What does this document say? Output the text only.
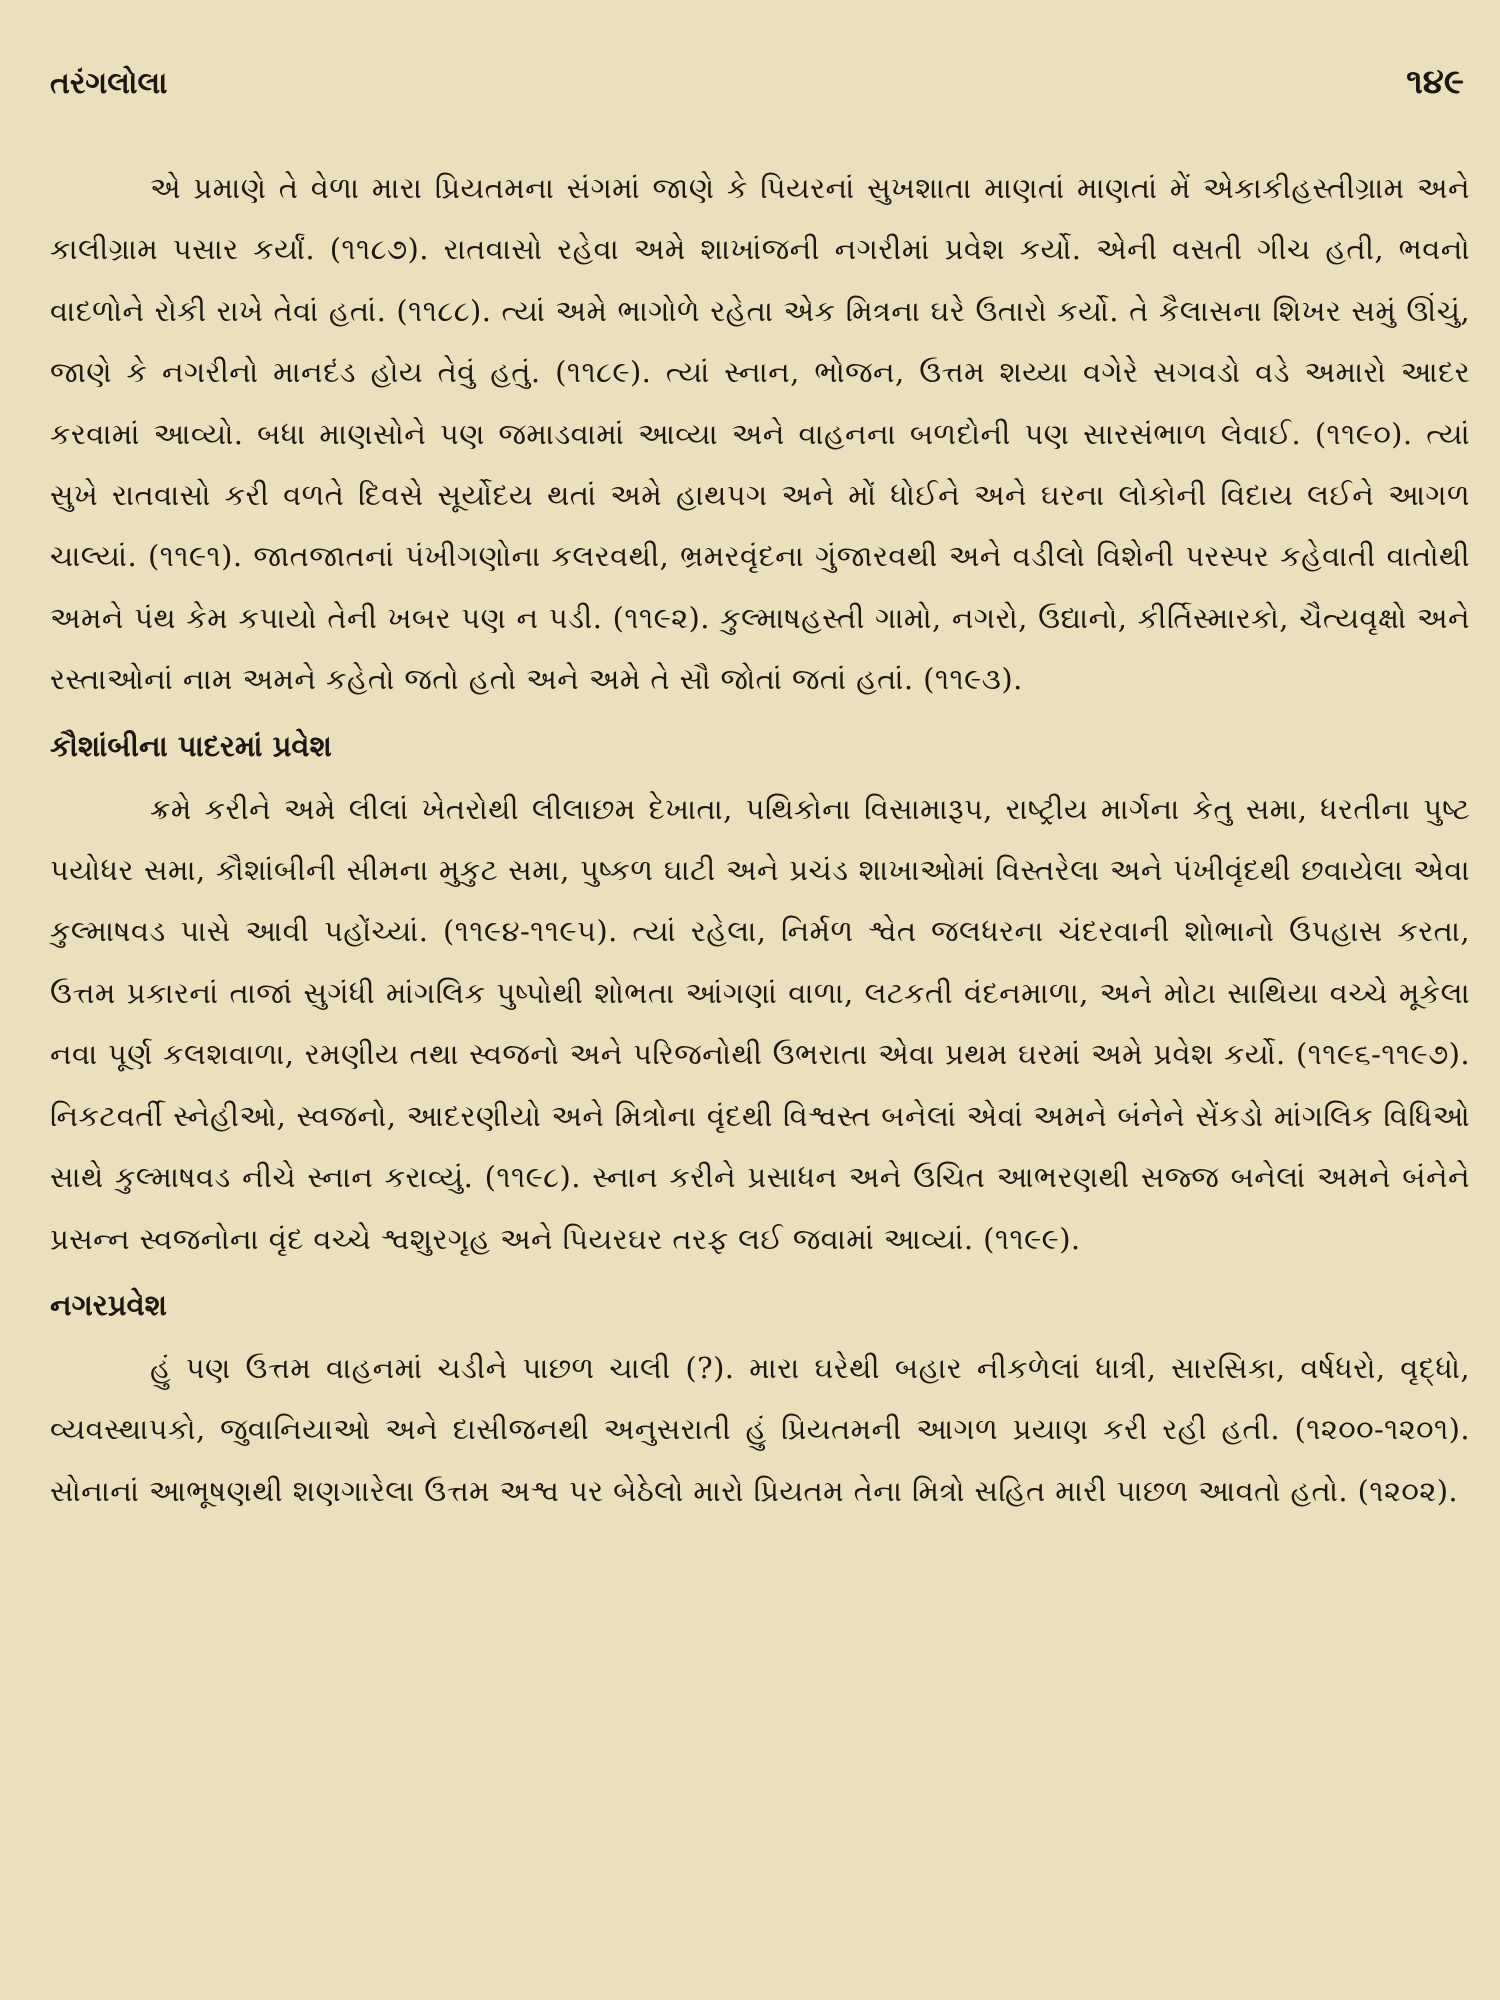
તરંગલોલા	૧૪૯

એ પ્રમાણે તે વેળા મારા પ્રિયતમના સંગમાં જાણે કે પિયરનાં સુખશાતા માણતાં માણતાં મેં એકાકીહસ્તીગ્રામ અને કાલીગ્રામ પસાર કર્યાં. (૧૧૮૭). રાતવાસો રહેવા અમે શાખાંજની નગરીમાં પ્રવેશ કર્યો. એની વસતી ગીચ હતી, ભવનો વાદળોને રોકી રાખે તેવાં હતાં. (૧૧૮૮). ત્યાં અમે ભાગોળે રહેતા એક મિત્રના ઘરે ઉતારો કર્યો. તે કૈલાસના શિખર સમું ઊંચું, જાણે કે નગરીનો માનદંડ હોય તેવું હતું. (૧૧૮૯). ત્યાં સ્નાન, ભોજન, ઉત્તમ શય્યા વગેરે સગવડો વડે અમારો આદર કરવામાં આવ્યો. બધા માણસોને પણ જમાડવામાં આવ્યા અને વાહનના બળદોની પણ સારસંભાળ લેવાઈ. (૧૧૯૦). ત્યાં સુખે રાતવાસો કરી વળતે દિવસે સૂર્યોદય થતાં અમે હાથપગ અને મોં ધોઈને અને ઘરના લોકોની વિદાય લઈને આગળ ચાલ્યાં. (૧૧૯૧). જાતજાતનાં પંખીગણોના કલરવથી, ભ્રમરવૃંદના ગુંજારવથી અને વડીલો વિશેની પરસ્પર કહેવાતી વાતોથી અમને પંથ કેમ કપાયો તેની ખબર પણ ન પડી. (૧૧૯૨). કુલ્માષહસ્તી ગામો, નગરો, ઉદ્યાનો, કીર્તિસ્મારકો, ચૈત્યવૃક્ષો અને રસ્તાઓનાં નામ અમને કહેતો જતો હતો અને અમે તે સૌ જોતાં જતાં હતાં. (૧૧૯૩).

કૌશાંબીના પાદરમાં પ્રવેશ

ક્રમે કરીને અમે લીલાં ખેતરોથી લીલાછમ દેખાતા, પથિકોના વિસામારૂપ, રાષ્ટ્રીય માર્ગના કેતુ સમા, ધરતીના પુષ્ટ પયોધર સમા, કૌશાંબીની સીમના મુકુટ સમા, પુષ્કળ ઘાટી અને પ્રચંડ શાખાઓમાં વિસ્તરેલા અને પંખીવૃંદથી છવાયેલા એવા કુલ્માષવડ પાસે આવી પહોંચ્યાં. (૧૧૯૪-૧૧૯૫). ત્યાં રહેલા, નિર્મળ શ્વેત જલધરના ચંદરવાની શોભાનો ઉપહાસ કરતા, ઉત્તમ પ્રકારનાં તાજાં સુગંધી માંગલિક પુષ્પોથી શોભતા આંગણાં વાળા, લટકતી વંદનમાળા, અને મોટા સાથિયા વચ્ચે મૂકેલા નવા પૂર્ણ કલશવાળા, રમણીય તથા સ્વજનો અને પરિજનોથી ઉભરાતા એવા પ્રથમ ઘરમાં અમે પ્રવેશ કર્યો. (૧૧૯૬-૧૧૯૭). નિકટવર્તી સ્નેહીઓ, સ્વજનો, આદરણીયો અને મિત્રોના વૃંદથી વિશ્વસ્ત બનેલાં એવાં અમને બંનેને સેંકડો માંગલિક વિધિઓ સાથે કુલ્માષવડ નીચે સ્નાન કરાવ્યું. (૧૧૯૮). સ્નાન કરીને પ્રસાધન અને ઉચિત આભરણથી સજ્જ બનેલાં અમને બંનેને પ્રસન્ન સ્વજનોના વૃંદ વચ્ચે શ્વશુરગૃહ અને પિયરઘર તરફ લઈ જવામાં આવ્યાં. (૧૧૯૯).

નગરપ્રવેશ

હું પણ ઉત્તમ વાહનમાં ચડીને પાછળ ચાલી (?). મારા ઘરેથી બહાર નીકળેલાં ધાત્રી, સારસિકા, વર્ષધરો, વૃદ્ધો, વ્યવસ્થાપકો, જુવાનિયાઓ અને દાસીજનથી અનુસરાતી હું પ્રિયતમની આગળ પ્રયાણ કરી રહી હતી. (૧૨૦૦-૧૨૦૧). સોનાનાં આભૂષણથી શણગારેલા ઉત્તમ અશ્વ પર બેઠેલો મારો પ્રિયતમ તેના મિત્રો સહિત મારી પાછળ આવતો હતો. (૧૨૦૨).
